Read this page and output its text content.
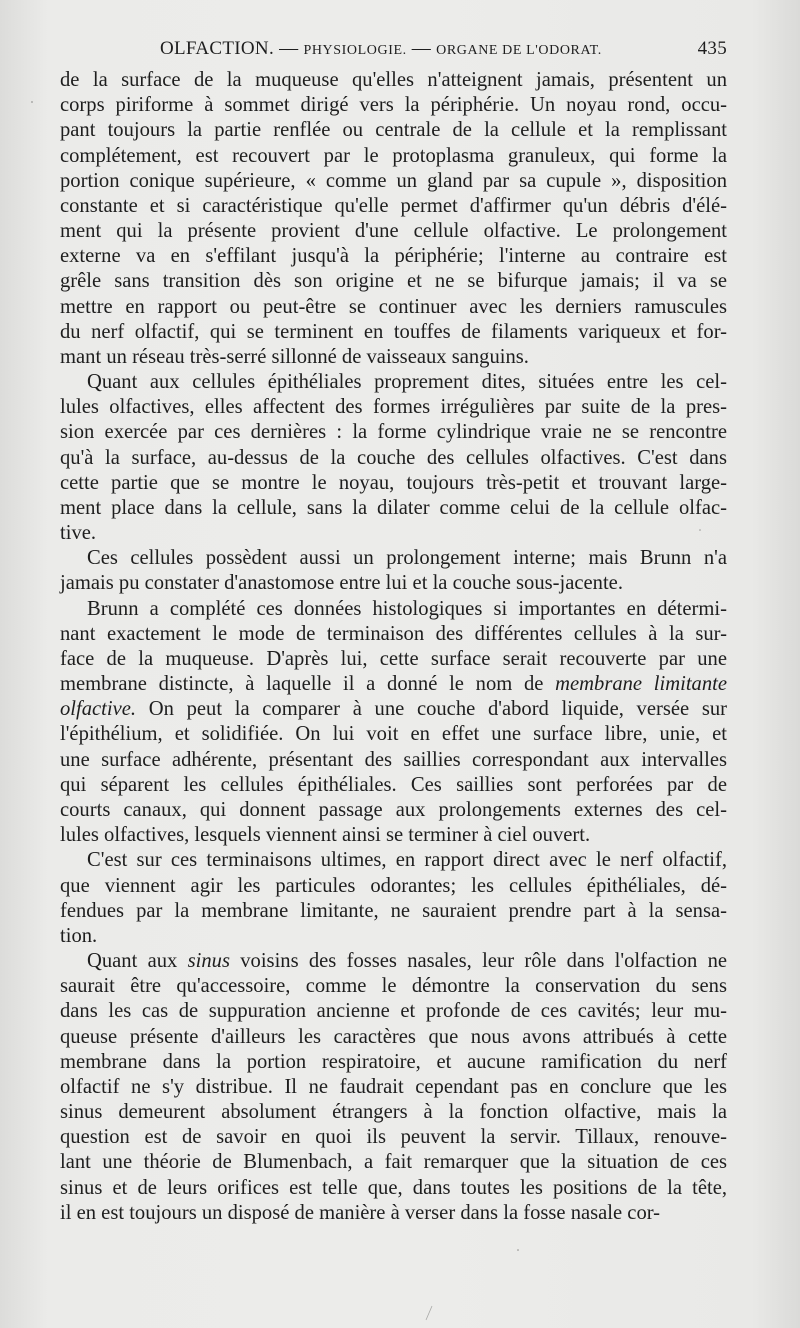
OLFACTION. — PHYSIOLOGIE. — ORGANE DE L'ODORAT.	435
de la surface de la muqueuse qu'elles n'atteignent jamais, présentent un
corps piriforme à sommet dirigé vers la périphérie. Un noyau rond, occu-
pant toujours la partie renflée ou centrale de la cellule et la remplissant
complétement, est recouvert par le protoplasma granuleux, qui forme la
portion conique supérieure, « comme un gland par sa cupule », disposition
constante et si caractéristique qu'elle permet d'affirmer qu'un débris d'élé-
ment qui la présente provient d'une cellule olfactive. Le prolongement
externe va en s'effilant jusqu'à la périphérie; l'interne au contraire est
grêle sans transition dès son origine et ne se bifurque jamais; il va se
mettre en rapport ou peut-être se continuer avec les derniers ramuscules
du nerf olfactif, qui se terminent en touffes de filaments variqueux et for-
mant un réseau très-serré sillonné de vaisseaux sanguins.
Quant aux cellules épithéliales proprement dites, situées entre les cel-
lules olfactives, elles affectent des formes irrégulières par suite de la pres-
sion exercée par ces dernières : la forme cylindrique vraie ne se rencontre
qu'à la surface, au-dessus de la couche des cellules olfactives. C'est dans
cette partie que se montre le noyau, toujours très-petit et trouvant large-
ment place dans la cellule, sans la dilater comme celui de la cellule olfac-
tive.
Ces cellules possèdent aussi un prolongement interne; mais Brunn n'a
jamais pu constater d'anastomose entre lui et la couche sous-jacente.
Brunn a complété ces données histologiques si importantes en détermi-
nant exactement le mode de terminaison des différentes cellules à la sur-
face de la muqueuse. D'après lui, cette surface serait recouverte par une
membrane distincte, à laquelle il a donné le nom de membrane limitante
olfactive. On peut la comparer à une couche d'abord liquide, versée sur
l'épithélium, et solidifiée. On lui voit en effet une surface libre, unie, et
une surface adhérente, présentant des saillies correspondant aux intervalles
qui séparent les cellules épithéliales. Ces saillies sont perforées par de
courts canaux, qui donnent passage aux prolongements externes des cel-
lules olfactives, lesquels viennent ainsi se terminer à ciel ouvert.
C'est sur ces terminaisons ultimes, en rapport direct avec le nerf olfactif,
que viennent agir les particules odorantes; les cellules épithéliales, dé-
fendues par la membrane limitante, ne sauraient prendre part à la sensa-
tion.
Quant aux sinus voisins des fosses nasales, leur rôle dans l'olfaction ne
saurait être qu'accessoire, comme le démontre la conservation du sens
dans les cas de suppuration ancienne et profonde de ces cavités; leur mu-
queuse présente d'ailleurs les caractères que nous avons attribués à cette
membrane dans la portion respiratoire, et aucune ramification du nerf
olfactif ne s'y distribue. Il ne faudrait cependant pas en conclure que les
sinus demeurent absolument étrangers à la fonction olfactive, mais la
question est de savoir en quoi ils peuvent la servir. Tillaux, renouve-
lant une théorie de Blumenbach, a fait remarquer que la situation de ces
sinus et de leurs orifices est telle que, dans toutes les positions de la tête,
il en est toujours un disposé de manière à verser dans la fosse nasale cor-
